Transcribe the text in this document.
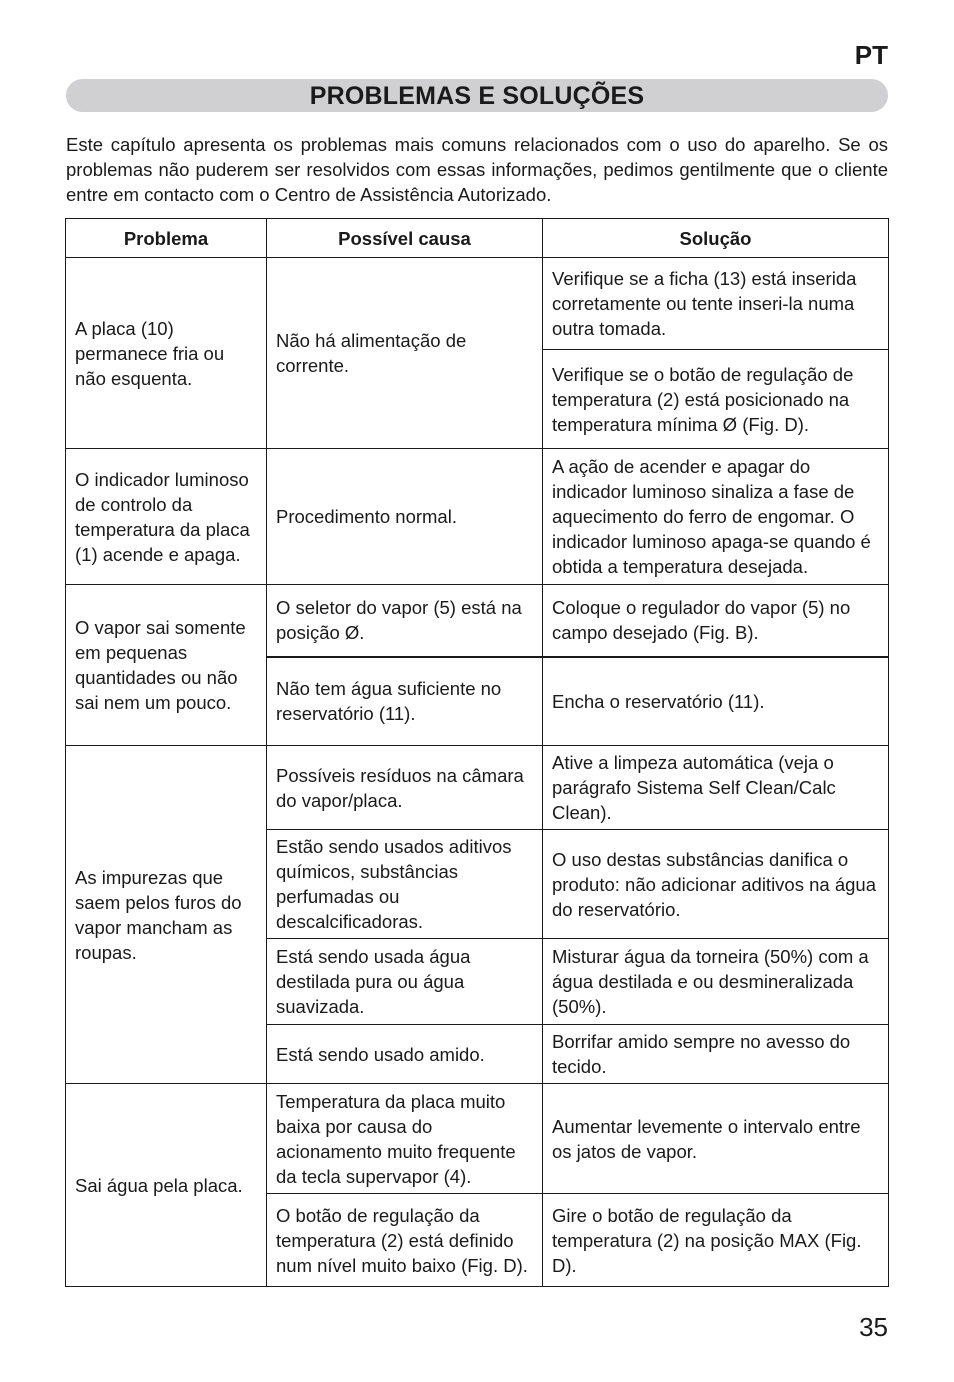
PT
PROBLEMAS E SOLUÇÕES

Este capítulo apresenta os problemas mais comuns relacionados com o uso do aparelho. Se os problemas não puderem ser resolvidos com essas informações, pedimos gentilmente que o cliente entre em contacto com o Centro de Assistência Autorizado.

Problema	Possível causa	Solução
A placa (10) permanece fria ou não esquenta.	Não há alimentação de corrente.	Verifique se a ficha (13) está inserida corretamente ou tente inseri-la numa outra tomada.
		Verifique se o botão de regulação de temperatura (2) está posicionado na temperatura mínima Ø (Fig. D).
O indicador luminoso de controlo da temperatura da placa (1) acende e apaga.	Procedimento normal.	A ação de acender e apagar do indicador luminoso sinaliza a fase de aquecimento do ferro de engomar. O indicador luminoso apaga-se quando é obtida a temperatura desejada.
O vapor sai somente em pequenas quantidades ou não sai nem um pouco.	O seletor do vapor (5) está na posição Ø.	Coloque o regulador do vapor (5) no campo desejado (Fig. B).
	Não tem água suficiente no reservatório (11).	Encha o reservatório (11).
As impurezas que saem pelos furos do vapor mancham as roupas.	Possíveis resíduos na câmara do vapor/placa.	Ative a limpeza automática (veja o parágrafo Sistema Self Clean/Calc Clean).
	Estão sendo usados aditivos químicos, substâncias perfumadas ou descalcificadoras.	O uso destas substâncias danifica o produto: não adicionar aditivos na água do reservatório.
	Está sendo usada água destilada pura ou água suavizada.	Misturar água da torneira (50%) com a água destilada e ou desmineralizada (50%).
	Está sendo usado amido.	Borrifar amido sempre no avesso do tecido.
Sai água pela placa.	Temperatura da placa muito baixa por causa do acionamento muito frequente da tecla supervapor (4).	Aumentar levemente o intervalo entre os jatos de vapor.
	O botão de regulação da temperatura (2) está definido num nível muito baixo (Fig. D).	Gire o botão de regulação da temperatura (2) na posição MAX (Fig. D).
35
